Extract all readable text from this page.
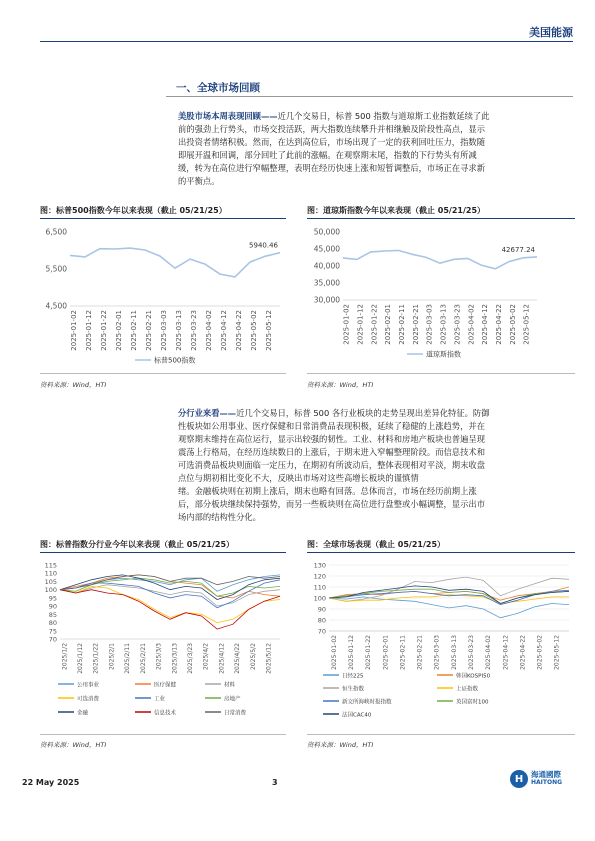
美国能源
一、全球市场回顾
美股市场本周表现回顾——近几个交易日，标普 500 指数与道琼斯工业指数延续了此
前的强劲上行势头，市场交投活跃，两大指数连续攀升并相继触及阶段性高点，显示
出投资者情绪积极。然而，在达到高位后，市场出现了一定的获利回吐压力，指数随
即展开温和回调，部分回吐了此前的涨幅。在观察期末尾，指数的下行势头有所减
缓，转为在高位进行窄幅整理，表明在经历快速上涨和短暂调整后，市场正在寻求新
的平衡点。
图：标普500指数今年以来表现（截止 05/21/25）
4,500
5,500
6,500
2025-01-02 2025-01-12 2025-01-22 2025-02-01 2025-02-11 2025-02-21 2025-03-03 2025-03-13 2025-03-23 2025-04-02 2025-04-12 2025-04-22 2025-05-02 2025-05-12
5940.46
标普500指数
资料来源：Wind，HTI
图：道琼斯指数今年以来表现（截止 05/21/25）
30,000
35,000
40,000
45,000
50,000
2025-01-02 2025-01-12 2025-01-22 2025-02-01 2025-02-11 2025-02-21 2025-03-03 2025-03-13 2025-03-23 2025-04-02 2025-04-12 2025-04-22 2025-05-02 2025-05-12
42677.24
道琼斯指数
资料来源：Wind，HTI
分行业来看——近几个交易日，标普 500 各行业板块的走势呈现出差异化特征。防御
性板块如公用事业、医疗保健和日常消费品表现积极，延续了稳健的上涨趋势，并在
观察期末维持在高位运行，显示出较强的韧性。工业、材料和房地产板块也普遍呈现
震荡上行格局，在经历连续数日的上涨后，于期末进入窄幅整理阶段。而信息技术和
可选消费品板块则面临一定压力，在期初有所波动后，整体表现相对平淡，期末收盘
点位与期初相比变化不大，反映出市场对这些高增长板块的谨慎情
绪。金融板块则在初期上涨后，期末也略有回落。总体而言，市场在经历前期上涨
后，部分板块继续保持强势，而另一些板块则在高位进行盘整或小幅调整，显示出市
场内部的结构性分化。
图：标普指数分行业今年以来表现（截止 05/21/25）
70
75
80
85
90
95
100
105
110
115
2025/1/2 2025/1/12 2025/1/22 2025/2/1 2025/2/11 2025/2/21 2025/3/3 2025/3/13 2025/3/23 2025/4/2 2025/4/12 2025/4/22 2025/5/2 2025/5/12
公用事业	医疗保健	材料
可选消费	工业	房地产
金融	信息技术	日常消费
资料来源：Wind，HTI
图：全球市场表现（截止 05/21/25）
70
80
90
100
110
120
130
2025-01-02 2025-01-12 2025-01-22 2025-02-01 2025-02-11 2025-02-21 2025-03-03 2025-03-13 2025-03-23 2025-04-02 2025-04-12 2025-04-22 2025-05-02 2025-05-12
日经225	韩国KOSPI50
恒生指数	上证指数
新交所海峡时报指数	英国富时100
法国CAC40
资料来源：Wind，HTI
22 May 2025	3	H	海通國際
HAITONG
